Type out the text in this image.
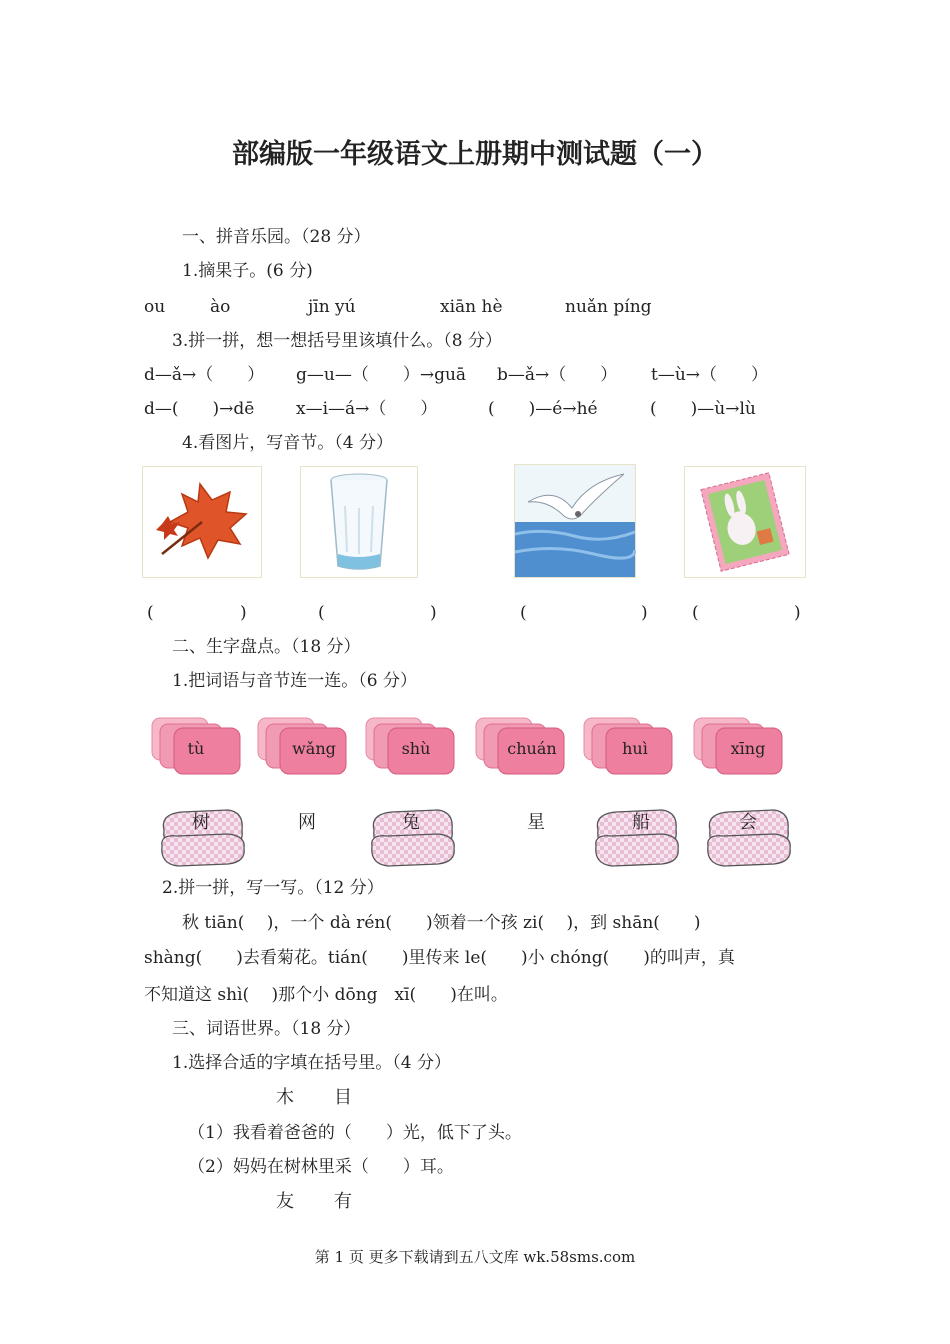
部编版一年级语文上册期中测试题（一）
一、拼音乐园。（28 分）
1.摘果子。(6 分)
ou	ào	jīn yú	xiān hè	nuǎn píng
3.拼一拼，想一想括号里该填什么。（8 分）
d—ǎ→（　　） g—u—（　　）→guā b—ǎ→（　　） t—ù→（　　）
d—(　　)→dē x—i—á→（　　）	(　　)—é→hé	(　　)—ù→lù
4.看图片，写音节。（4 分）
(	)	(	)	(	)	(	)
二、生字盘点。（18 分）
1.把词语与音节连一连。（6 分）
tù	wǎng	shù	chuán	huì	xīng
树	网	兔	星	船	会
2.拼一拼，写一写。（12 分）
秋 tiān(　 )，一个 dà rén(　　)领着一个孩 zi(　 )，到 shān(　　)
shàng(　　)去看菊花。tián(　　)里传来 le(　　)小 chóng(　　)的叫声，真
不知道这 shì(　 )那个小 dōng　xī(　　)在叫。
三、词语世界。（18 分）
1.选择合适的字填在括号里。（4 分）
木 目
（1）我看着爸爸的（　　）光，低下了头。
（2）妈妈在树林里采（　　）耳。
友 有
第 1 页 更多下载请到五八文库 wk.58sms.com
